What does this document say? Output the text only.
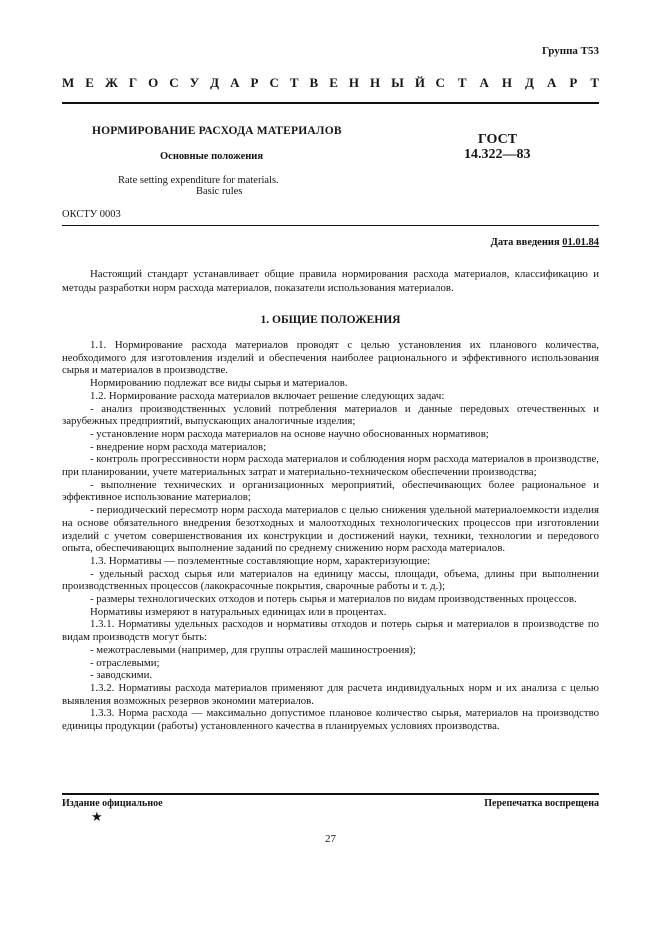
Группа Т53
М Е Ж Г О С У Д А Р С Т В Е Н Н Ы Й С Т А Н Д А Р Т
НОРМИРОВАНИЕ РАСХОДА МАТЕРИАЛОВ
Основные положения
ГОСТ
14.322—83
Rate setting expenditure for materials.
Basic rules
ОКСТУ 0003
Дата введения 01.01.84
Настоящий стандарт устанавливает общие правила нормирования расхода материалов, классификацию и методы разработки норм расхода материалов, показатели использования материалов.
1. ОБЩИЕ ПОЛОЖЕНИЯ

1.1. Нормирование расхода материалов проводят с целью установления их планового количества, необходимого для изготовления изделий и обеспечения наиболее рационального и эффективного использования сырья и материалов в производстве.

Нормированию подлежат все виды сырья и материалов.

1.2. Нормирование расхода материалов включает решение следующих задач:

- анализ производственных условий потребления материалов и данные передовых отечественных и зарубежных предприятий, выпускающих аналогичные изделия;

- установление норм расхода материалов на основе научно обоснованных нормативов;

- внедрение норм расхода материалов;

- контроль прогрессивности норм расхода материалов и соблюдения норм расхода материалов в производстве, при планировании, учете материальных затрат и материально-техническом обеспечении производства;

- выполнение технических и организационных мероприятий, обеспечивающих более рациональное и эффективное использование материалов;

- периодический пересмотр норм расхода материалов с целью снижения удельной материалоемкости изделия на основе обязательного внедрения безотходных и малоотходных технологических процессов при изготовлении изделий с учетом совершенствования их конструкции и достижений науки, техники, технологии и передового опыта, обеспечивающих выполнение заданий по среднему снижению норм расхода материалов.

1.3. Нормативы — поэлементные составляющие норм, характеризующие:

- удельный расход сырья или материалов на единицу массы, площади, объема, длины при выполнении производственных процессов (лакокрасочные покрытия, сварочные работы и т. д.);

- размеры технологических отходов и потерь сырья и материалов по видам производственных процессов.

Нормативы измеряют в натуральных единицах или в процентах.

1.3.1. Нормативы удельных расходов и нормативы отходов и потерь сырья и материалов в производстве по видам производств могут быть:

- межотраслевыми (например, для группы отраслей машиностроения);

- отраслевыми;

- заводскими.

1.3.2. Нормативы расхода материалов применяют для расчета индивидуальных норм и их анализа с целью выявления возможных резервов экономии материалов.

1.3.3. Норма расхода — максимально допустимое плановое количество сырья, материалов на производство единицы продукции (работы) установленного качества в планируемых условиях производства.

Издание официальное
★
Перепечатка воспрещена
27
